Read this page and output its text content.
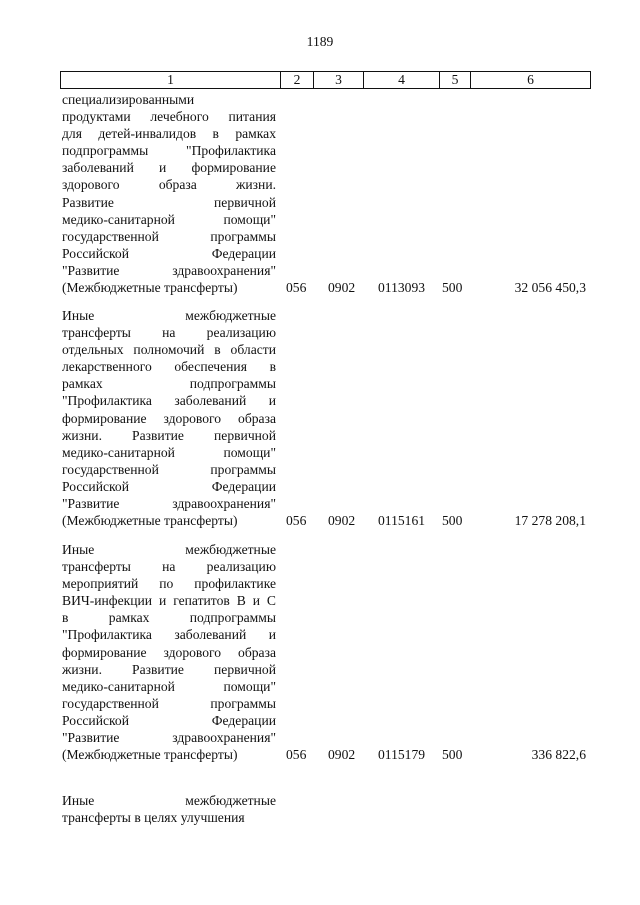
1189
1	2	3	4	5	6
специализированными
продуктами лечебного питания
для детей-инвалидов в рамках
подпрограммы "Профилактика
заболеваний и формирование
здорового образа жизни.
Развитие первичной
медико-санитарной помощи"
государственной программы
Российской Федерации
"Развитие здравоохранения"
(Межбюджетные трансферты)	056	0902	0113093	500	32 056 450,3
Иные межбюджетные
трансферты на реализацию
отдельных полномочий в области
лекарственного обеспечения в
рамках подпрограммы
"Профилактика заболеваний и
формирование здорового образа
жизни. Развитие первичной
медико-санитарной помощи"
государственной программы
Российской Федерации
"Развитие здравоохранения"
(Межбюджетные трансферты)	056	0902	0115161	500	17 278 208,1
Иные межбюджетные
трансферты на реализацию
мероприятий по профилактике
ВИЧ-инфекции и гепатитов В и С
в рамках подпрограммы
"Профилактика заболеваний и
формирование здорового образа
жизни. Развитие первичной
медико-санитарной помощи"
государственной программы
Российской Федерации
"Развитие здравоохранения"
(Межбюджетные трансферты)	056	0902	0115179	500	336 822,6
Иные межбюджетные
трансферты в целях улучшения
